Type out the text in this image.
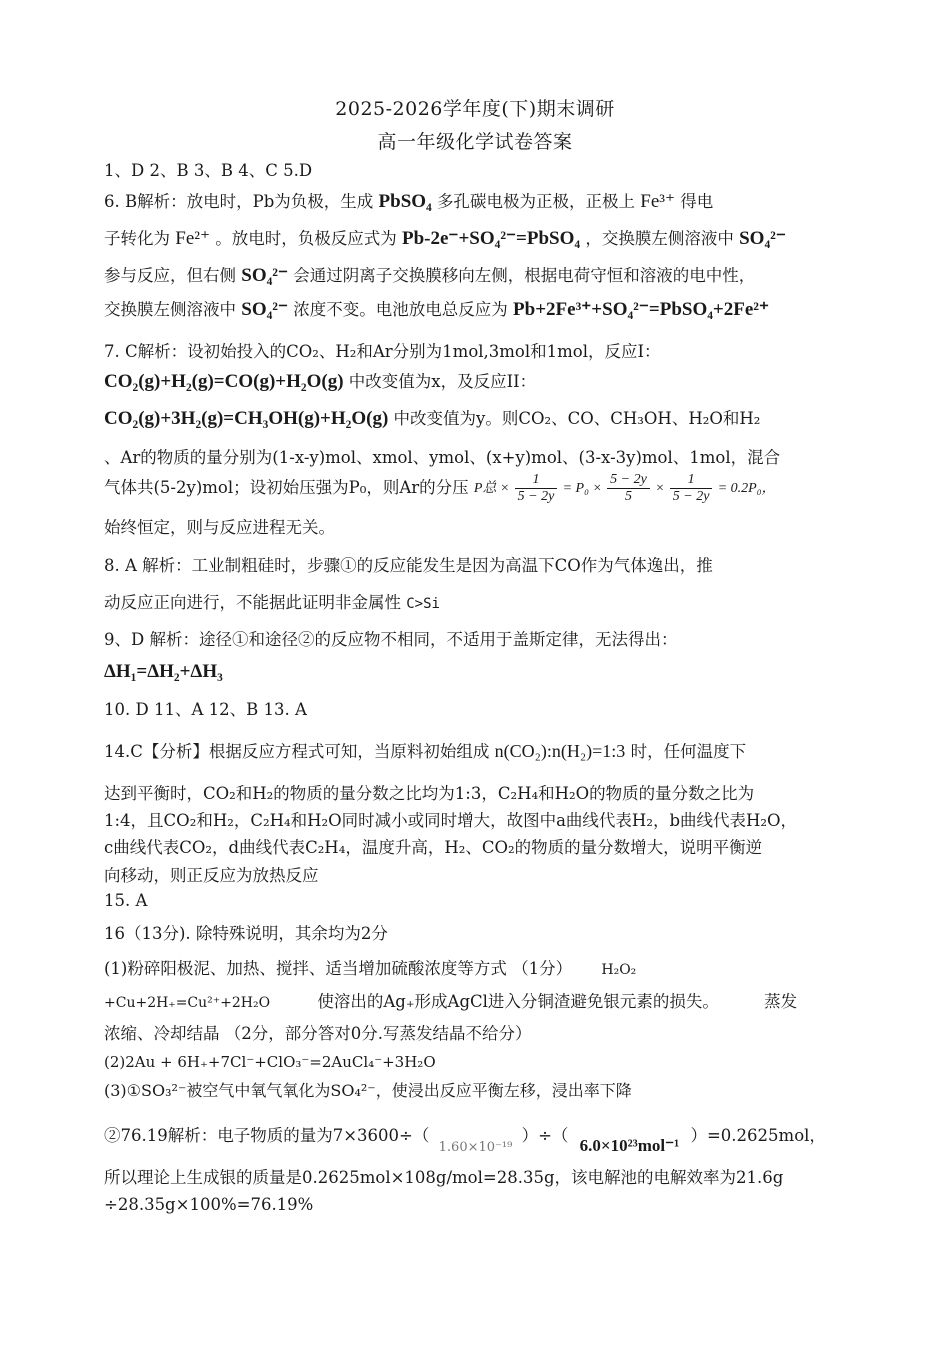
2025-2026学年度(下)期末调研
高一年级化学试卷答案
1、D 2、B 3、B 4、C 5.D
6. B解析：放电时，Pb为负极，生成 PbSO₄ 多孔碳电极为正极，正极上 Fe³⁺ 得电
子转化为 Fe²⁺ 。放电时，负极反应式为 Pb-2e⁻+SO₄²⁻=PbSO₄ ，交换膜左侧溶液中 SO₄²⁻
参与反应，但右侧 SO₄²⁻ 会通过阴离子交换膜移向左侧，根据电荷守恒和溶液的电中性，
交换膜左侧溶液中 SO₄²⁻ 浓度不变。电池放电总反应为 Pb+2Fe³⁺+SO₄²⁻=PbSO₄+2Fe²⁺
7. C解析：设初始投入的CO₂、H₂和Ar分别为1mol,3mol和1mol，反应I：
CO₂(g)+H₂(g)=CO(g)+H₂O(g) 中改变值为x，及反应II：
CO₂(g)+3H₂(g)=CH₃OH(g)+H₂O(g) 中改变值为y。则CO₂、CO、CH₃OH、H₂O和H₂
、Ar的物质的量分别为(1-x-y)mol、xmol、ymol、(x+y)mol、(3-x-3y)mol、1mol，混合
气体共(5-2y)mol；设初始压强为P₀，则Ar的分压 P总 × $\frac{1}{5 - 2y} = P_0 \times \frac{5 - 2y}{5} \times \frac{1}{5 - 2y} = 0.2P_0$，
始终恒定，则与反应进程无关。
8. A 解析：工业制粗硅时，步骤①的反应能发生是因为高温下CO作为气体逸出，推
动反应正向进行，不能据此证明非金属性 C>Si
9、D 解析：途径①和途径②的反应物不相同，不适用于盖斯定律，无法得出：
ΔH₁=ΔH₂+ΔH₃
10. D 11、A 12、B 13. A
14.C【分析】根据反应方程式可知，当原料初始组成 n(CO₂):n(H₂)=1:3 时，任何温度下
达到平衡时，CO₂和H₂的物质的量分数之比均为1:3，C₂H₄和H₂O的物质的量分数之比为
1:4，且CO₂和H₂，C₂H₄和H₂O同时减小或同时增大，故图中a曲线代表H₂，b曲线代表H₂O，
c曲线代表CO₂，d曲线代表C₂H₄，温度升高，H₂、CO₂的物质的量分数增大，说明平衡逆
向移动，则正反应为放热反应
15. A
16（13分). 除特殊说明，其余均为2分
(1)粉碎阳极泥、加热、搅拌、适当增加硫酸浓度等方式 （1分） H₂O₂
+Cu+2H₊=Cu²⁺+2H₂O	使溶出的Ag₊形成AgCl进入分铜渣避免银元素的损失。	蒸发
浓缩、冷却结晶 （2分，部分答对0分.写蒸发结晶不给分）
(2)2Au + 6H₊+7Cl⁻+ClO₃⁻=2AuCl₄⁻+3H₂O
(3)①SO₃²⁻被空气中氧气氧化为SO₄²⁻，使浸出反应平衡左移，浸出率下降
②76.19解析：电子物质的量为7×3600÷（ 1.60×10⁻¹⁹ ）÷（ 6.0×10²³mol⁻¹ ）=0.2625mol，
所以理论上生成银的质量是0.2625mol×108g/mol=28.35g，该电解池的电解效率为21.6g
÷28.35g×100%=76.19%
